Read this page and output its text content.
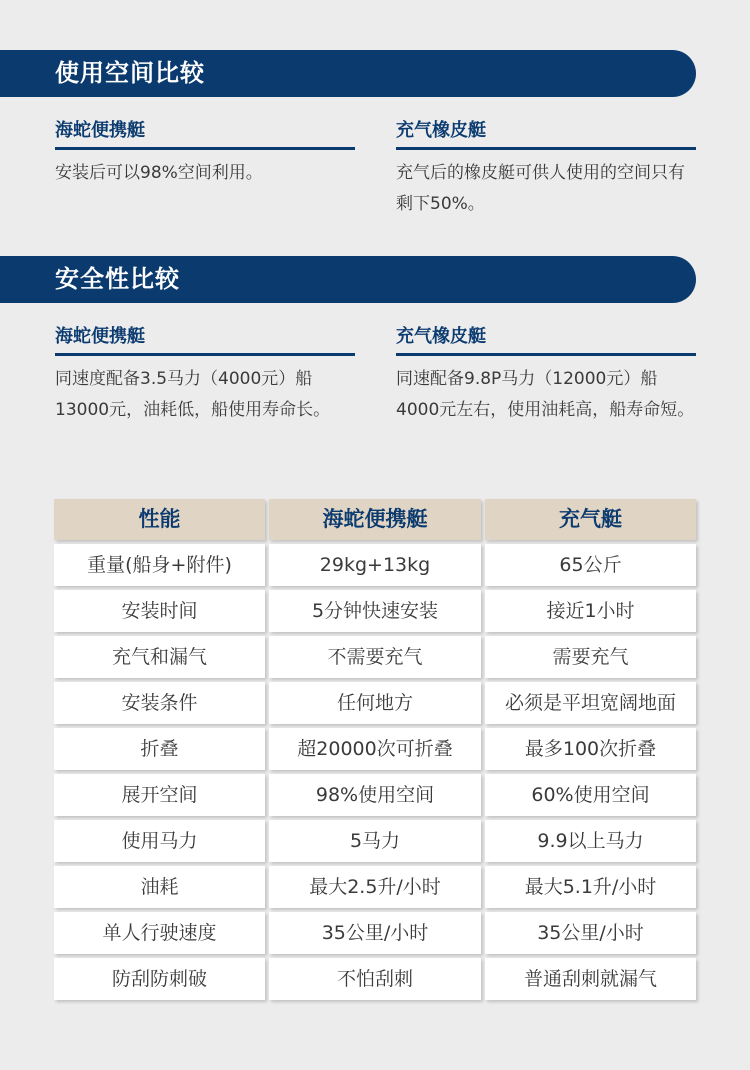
使用空间比较
海蛇便携艇

安装后可以98%空间利用。

充气橡皮艇

充气后的橡皮艇可供人使用的空间只有剩下50%。

安全性比较
海蛇便携艇

同速度配备3.5马力（4000元）船13000元，油耗低，船使用寿命长。

充气橡皮艇

同速配备9.8P马力（12000元）船4000元左右，使用油耗高，船寿命短。

性能	海蛇便携艇	充气艇
重量(船身+附件)	29kg+13kg	65公斤
安装时间	5分钟快速安装	接近1小时
充气和漏气	不需要充气	需要充气
安装条件	任何地方	必须是平坦宽阔地面
折叠	超20000次可折叠	最多100次折叠
展开空间	98%使用空间	60%使用空间
使用马力	5马力	9.9以上马力
油耗	最大2.5升/小时	最大5.1升/小时
单人行驶速度	35公里/小时	35公里/小时
防刮防刺破	不怕刮刺	普通刮刺就漏气
